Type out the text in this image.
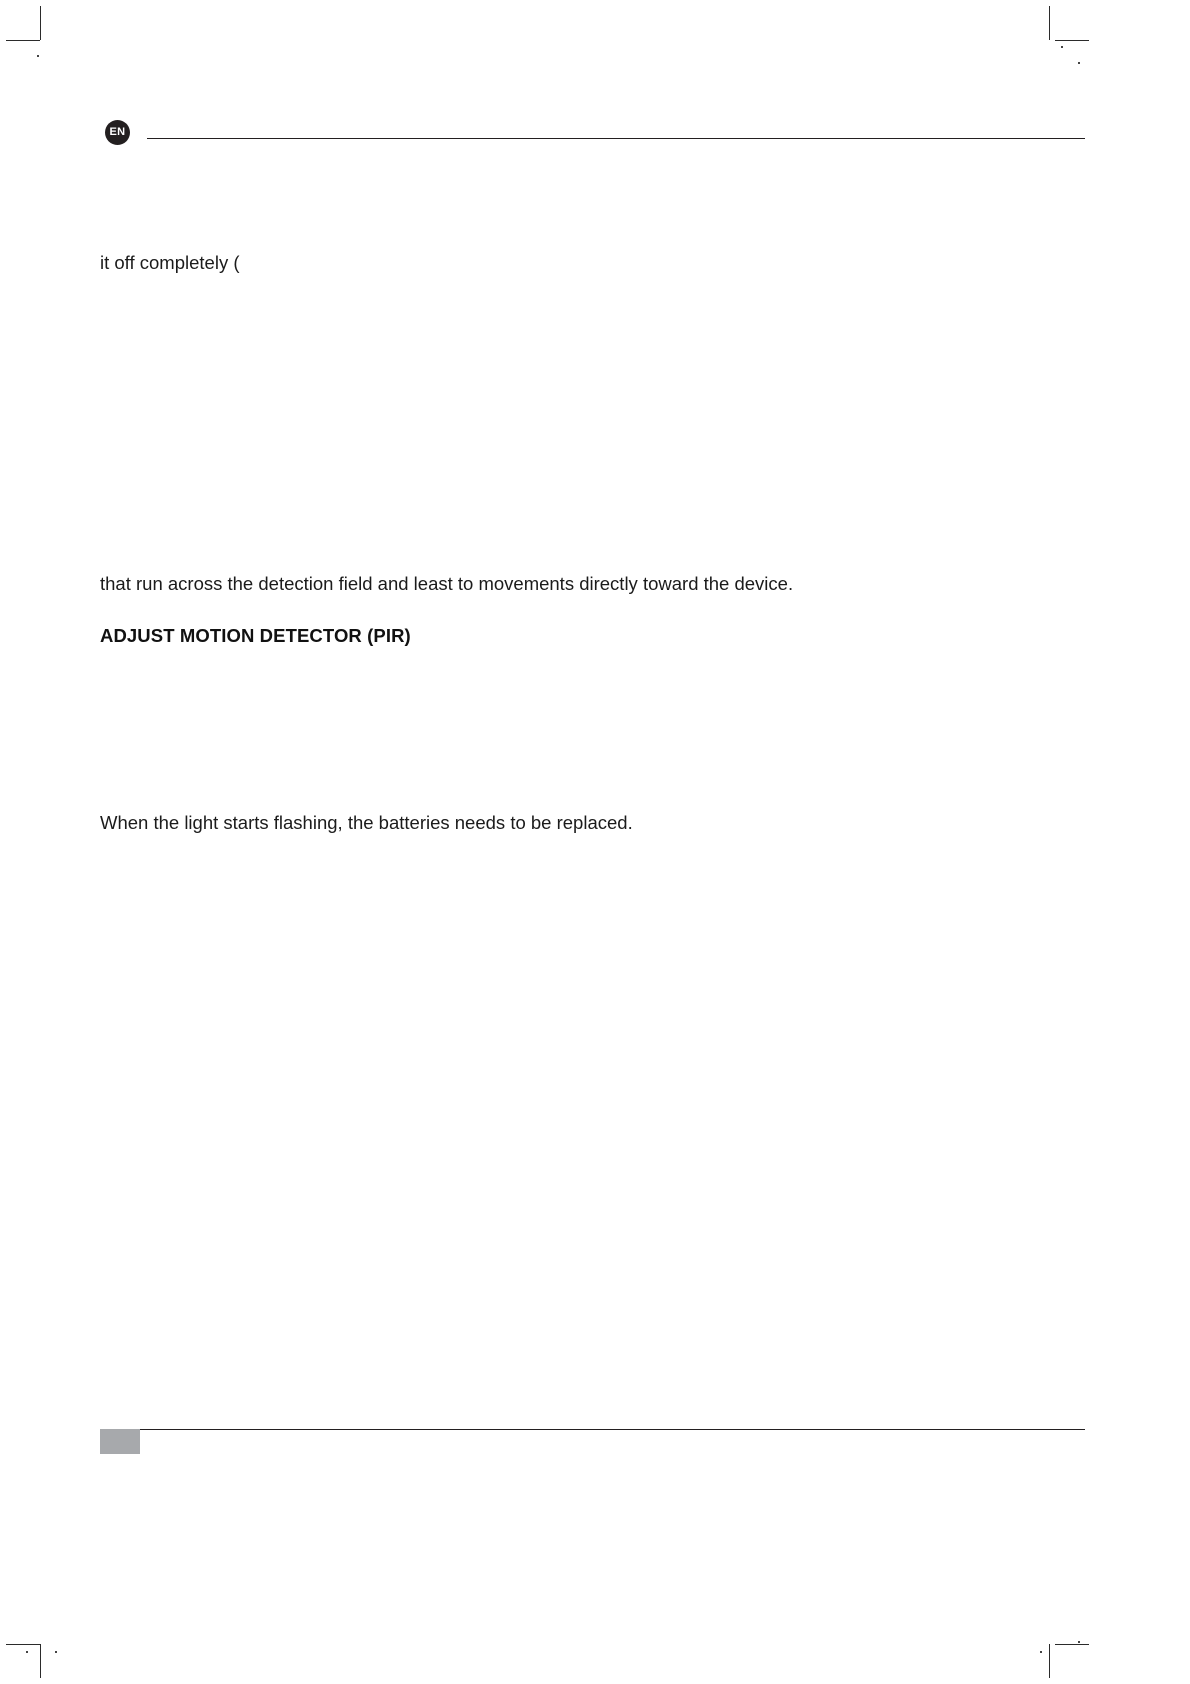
EN
it off completely (
that run across the detection field and least to movements directly toward the device.
ADJUST MOTION DETECTOR (PIR)
When the light starts flashing, the batteries needs to be replaced.
